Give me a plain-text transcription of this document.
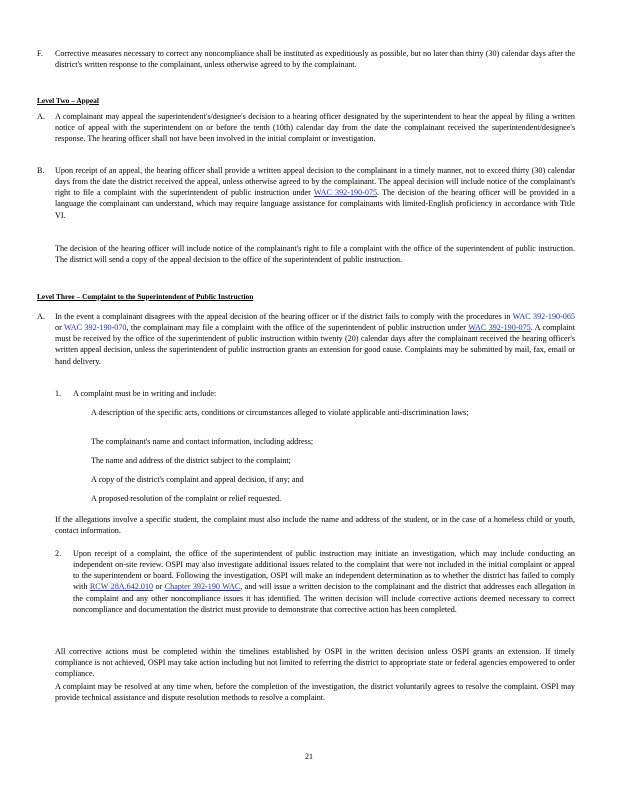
F. Corrective measures necessary to correct any noncompliance shall be instituted as expeditiously as possible, but no later than thirty (30) calendar days after the district's written response to the complainant, unless otherwise agreed to by the complainant.
Level Two – Appeal
A. A complainant may appeal the superintendent's/designee's decision to a hearing officer designated by the superintendent to hear the appeal by filing a written notice of appeal with the superintendent on or before the tenth (10th) calendar day from the date the complainant received the superintendent/designee's response. The hearing officer shall not have been involved in the initial complaint or investigation.
B. Upon receipt of an appeal, the hearing officer shall provide a written appeal decision to the complainant in a timely manner, not to exceed thirty (30) calendar days from the date the district received the appeal, unless otherwise agreed to by the complainant. The appeal decision will include notice of the complainant's right to file a complaint with the superintendent of public instruction under WAC 392-190-075. The decision of the hearing officer will be provided in a language the complainant can understand, which may require language assistance for complainants with limited-English proficiency in accordance with Title VI.
The decision of the hearing officer will include notice of the complainant's right to file a complaint with the office of the superintendent of public instruction. The district will send a copy of the appeal decision to the office of the superintendent of public instruction.
Level Three – Complaint to the Superintendent of Public Instruction
A. In the event a complainant disagrees with the appeal decision of the hearing officer or if the district fails to comply with the procedures in WAC 392-190-065 or WAC 392-190-070, the complainant may file a complaint with the office of the superintendent of public instruction under WAC 392-190-075. A complaint must be received by the office of the superintendent of public instruction within twenty (20) calendar days after the complainant received the hearing officer's written appeal decision, unless the superintendent of public instruction grants an extension for good cause. Complaints may be submitted by mail, fax, email or hand delivery.
1. A complaint must be in writing and include:
A description of the specific acts, conditions or circumstances alleged to violate applicable anti-discrimination laws;
The complainant's name and contact information, including address;
The name and address of the district subject to the complaint;
A copy of the district's complaint and appeal decision, if any; and
A proposed resolution of the complaint or relief requested.
If the allegations involve a specific student, the complaint must also include the name and address of the student, or in the case of a homeless child or youth, contact information.
2. Upon receipt of a complaint, the office of the superintendent of public instruction may initiate an investigation, which may include conducting an independent on-site review. OSPI may also investigate additional issues related to the complaint that were not included in the initial complaint or appeal to the superintendent or board. Following the investigation, OSPI will make an independent determination as to whether the district has failed to comply with RCW 28A.642.010 or Chapter 392-190 WAC, and will issue a written decision to the complainant and the district that addresses each allegation in the complaint and any other noncompliance issues it has identified. The written decision will include corrective actions deemed necessary to correct noncompliance and documentation the district must provide to demonstrate that corrective action has been completed.
All corrective actions must be completed within the timelines established by OSPI in the written decision unless OSPI grants an extension. If timely compliance is not achieved, OSPI may take action including but not limited to referring the district to appropriate state or federal agencies empowered to order compliance.
A complaint may be resolved at any time when, before the completion of the investigation, the district voluntarily agrees to resolve the complaint. OSPI may provide technical assistance and dispute resolution methods to resolve a complaint.
21
